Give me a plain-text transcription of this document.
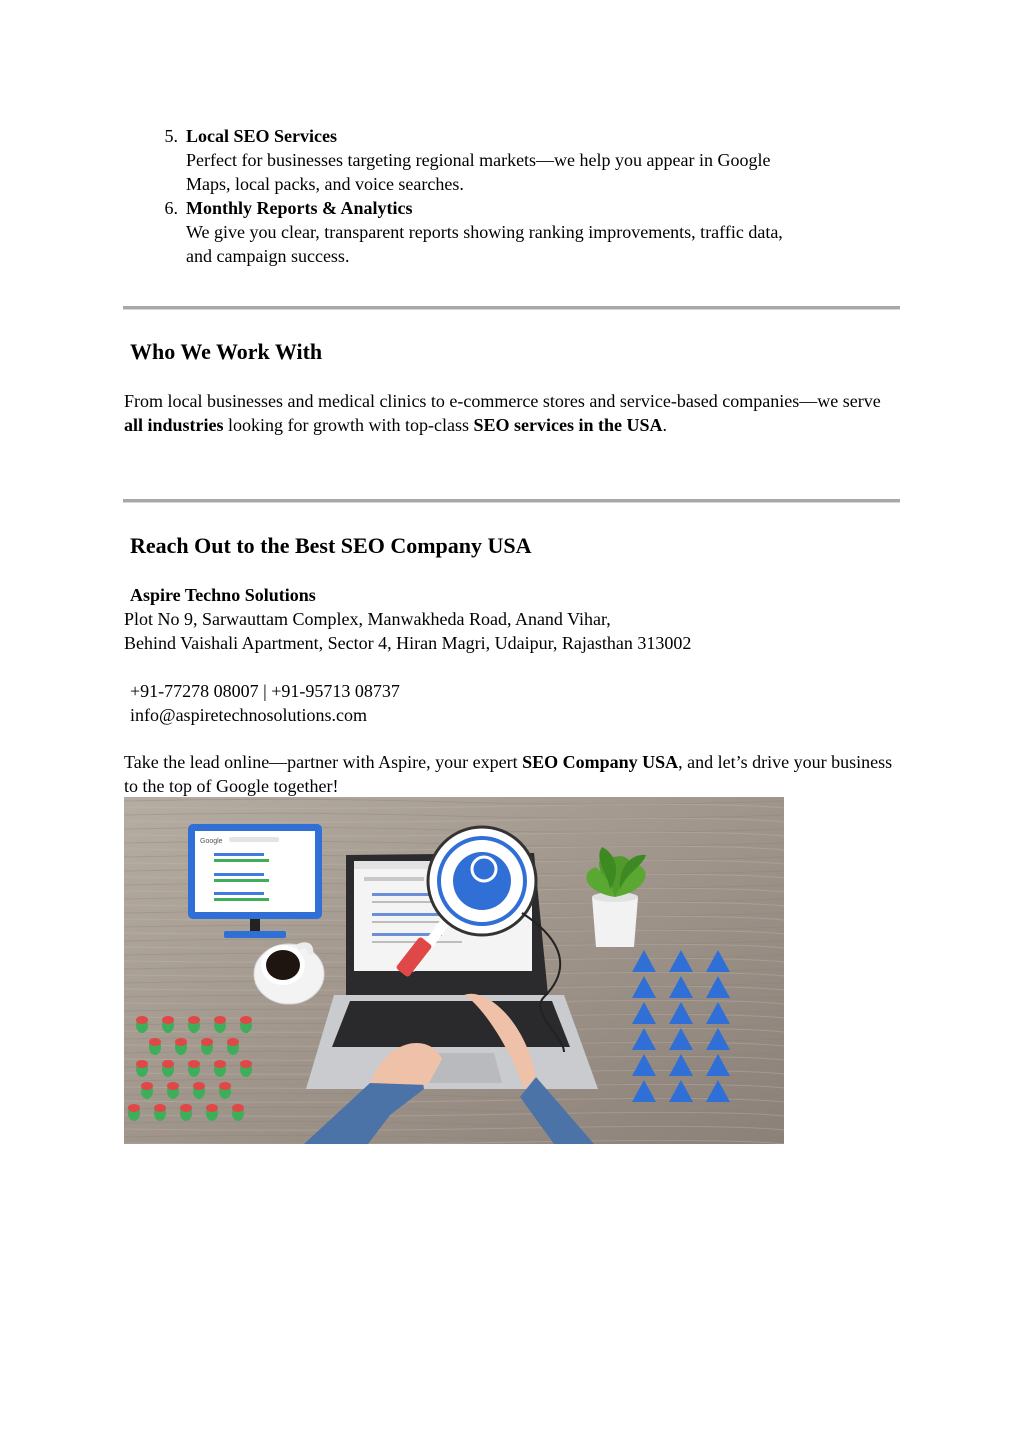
5. Local SEO Services
Perfect for businesses targeting regional markets—we help you appear in Google
Maps, local packs, and voice searches.
6. Monthly Reports & Analytics
We give you clear, transparent reports showing ranking improvements, traffic data,
and campaign success.
Who We Work With

From local businesses and medical clinics to e-commerce stores and service-based companies—we serve all industries looking for growth with top-class SEO services in the USA.

Reach Out to the Best SEO Company USA

Aspire Techno Solutions
Plot No 9, Sarwauttam Complex, Manwakheda Road, Anand Vihar,
Behind Vaishali Apartment, Sector 4, Hiran Magri, Udaipur, Rajasthan 313002

+91-77278 08007 | +91-95713 08737
info@aspiretechnosolutions.com

Take the lead online—partner with Aspire, your expert SEO Company USA, and let’s drive your business to the top of Google together!

Google
